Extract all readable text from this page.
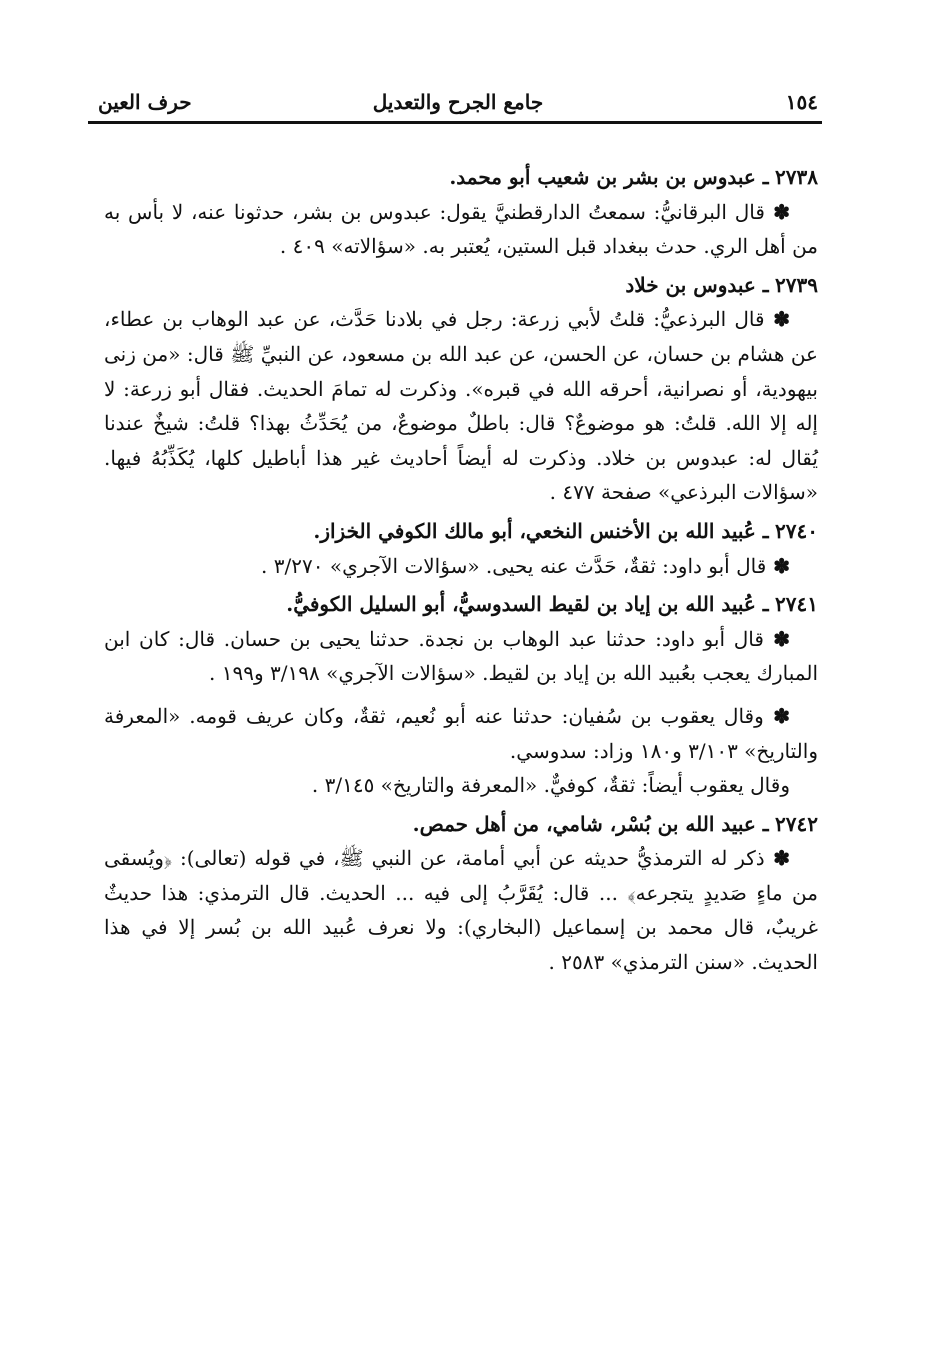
١٥٤
جامع الجرح والتعديل
حرف العين

٢٧٣٨ ـ عبدوس بن بشر بن شعيب أبو محمد.

✽ قال البرقانيُّ: سمعتُ الدارقطنيَّ يقول: عبدوس بن بشر، حدثونا عنه، لا بأس به من أهل الري. حدث ببغداد قبل الستين، يُعتبر به. «سؤالاته» ٤٠٩ .

٢٧٣٩ ـ عبدوس بن خلاد

✽ قال البرذعيُّ: قلتُ لأبي زرعة: رجل في بلادنا حَدَّث، عن عبد الوهاب بن عطاء، عن هشام بن حسان، عن الحسن، عن عبد الله بن مسعود، عن النبيِّ ﷺ قال: «من زنى بيهودية، أو نصرانية، أحرقه الله في قبره». وذكرت له تمامَ الحديث. فقال أبو زرعة: لا إله إلا الله. قلتُ: هو موضوعٌ؟ قال: باطلٌ موضوعٌ، من يُحَدِّثُ بهذا؟ قلتُ: شيخٌ عندنا يُقال له: عبدوس بن خلاد. وذكرت له أيضاً أحاديث غير هذا أباطيل كلها، يُكَذِّبُهُ فيها. «سؤالات البرذعي» صفحة ٤٧٧ .

٢٧٤٠ ـ عُبيد الله بن الأخنس النخعي، أبو مالك الكوفي الخزاز.

✽ قال أبو داود: ثقةٌ، حَدَّث عنه يحيى. «سؤالات الآجري» ٣/٢٧٠ .

٢٧٤١ ـ عُبيد الله بن إياد بن لقيط السدوسيُّ، أبو السليل الكوفيُّ.

✽ قال أبو داود: حدثنا عبد الوهاب بن نجدة. حدثنا يحيى بن حسان. قال: كان ابن المبارك يعجب بعُبيد الله بن إياد بن لقيط. «سؤالات الآجري» ٣/١٩٨ و١٩٩ .

✽ وقال يعقوب بن سُفيان: حدثنا عنه أبو نُعيم، ثقةٌ، وكان عريف قومه. «المعرفة والتاريخ» ٣/١٠٣ و١٨٠ وزاد: سدوسي.

وقال يعقوب أيضاً: ثقةٌ، كوفيٌّ. «المعرفة والتاريخ» ٣/١٤٥ .

٢٧٤٢ ـ عبيد الله بن بُسْر، شامي، من أهل حمص.

✽ ذكر له الترمذيُّ حديثه عن أبي أمامة، عن النبي ﷺ، في قوله (تعالى): ﴿ويُسقى من ماءٍ صَديدٍ يتجرعه﴾ ... قال: يُقَرَّبُ إلى فيه ... الحديث. قال الترمذي: هذا حديثٌ غريبٌ، قال محمد بن إسماعيل (البخاري): ولا نعرف عُبيد الله بن بُسر إلا في هذا الحديث. «سنن الترمذي» ٢٥٨٣ .
